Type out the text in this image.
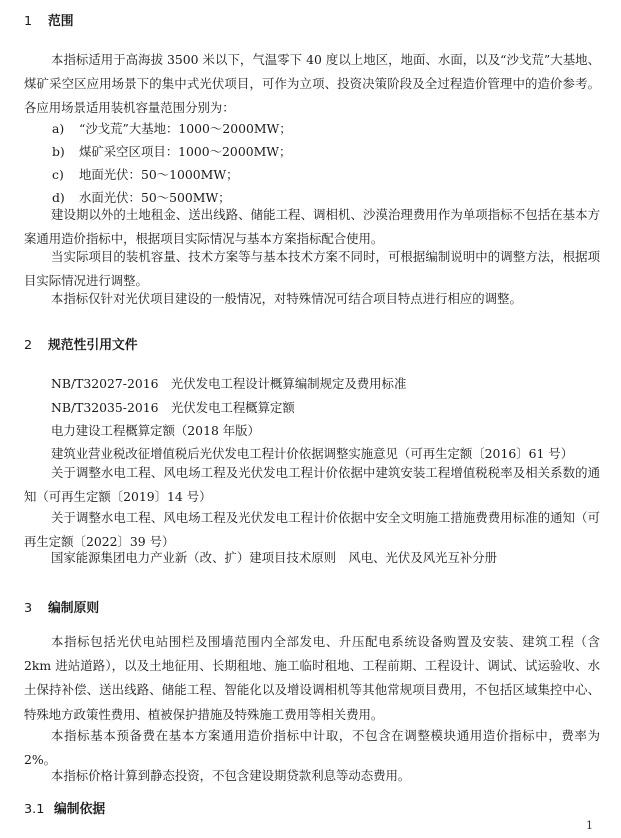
1 范围

本指标适用于高海拔 3500 米以下，气温零下 40 度以上地区，地面、水面，以及“沙戈荒”大基地、煤矿采空区应用场景下的集中式光伏项目，可作为立项、投资决策阶段及全过程造价管理中的造价参考。各应用场景适用装机容量范围分别为：

a) “沙戈荒”大基地：1000～2000MW；
b) 煤矿采空区项目：1000～2000MW；
c) 地面光伏：50～1000MW；
d) 水面光伏：50～500MW；

建设期以外的土地租金、送出线路、储能工程、调相机、沙漠治理费用作为单项指标不包括在基本方案通用造价指标中，根据项目实际情况与基本方案指标配合使用。

当实际项目的装机容量、技术方案等与基本技术方案不同时，可根据编制说明中的调整方法，根据项目实际情况进行调整。

本指标仅针对光伏项目建设的一般情况，对特殊情况可结合项目特点进行相应的调整。

2 规范性引用文件
NB/T32027-2016　光伏发电工程设计概算编制规定及费用标准
NB/T32035-2016　光伏发电工程概算定额
电力建设工程概算定额（2018 年版）
建筑业营业税改征增值税后光伏发电工程计价依据调整实施意见（可再生定额〔2016〕61 号）

关于调整水电工程、风电场工程及光伏发电工程计价依据中建筑安装工程增值税税率及相关系数的通知（可再生定额〔2019〕14 号）

关于调整水电工程、风电场工程及光伏发电工程计价依据中安全文明施工措施费费用标准的通知（可再生定额〔2022〕39 号）

国家能源集团电力产业新（改、扩）建项目技术原则　风电、光伏及风光互补分册
3 编制原则

本指标包括光伏电站围栏及围墙范围内全部发电、升压配电系统设备购置及安装、建筑工程（含 2km 进站道路），以及土地征用、长期租地、施工临时租地、工程前期、工程设计、调试、试运验收、水土保持补偿、送出线路、储能工程、智能化以及增设调相机等其他常规项目费用，不包括区域集控中心、特殊地方政策性费用、植被保护措施及特殊施工费用等相关费用。

本指标基本预备费在基本方案通用造价指标中计取，不包含在调整模块通用造价指标中，费率为 2%。

本指标价格计算到静态投资，不包含建设期贷款利息等动态费用。

3.1 编制依据
1
